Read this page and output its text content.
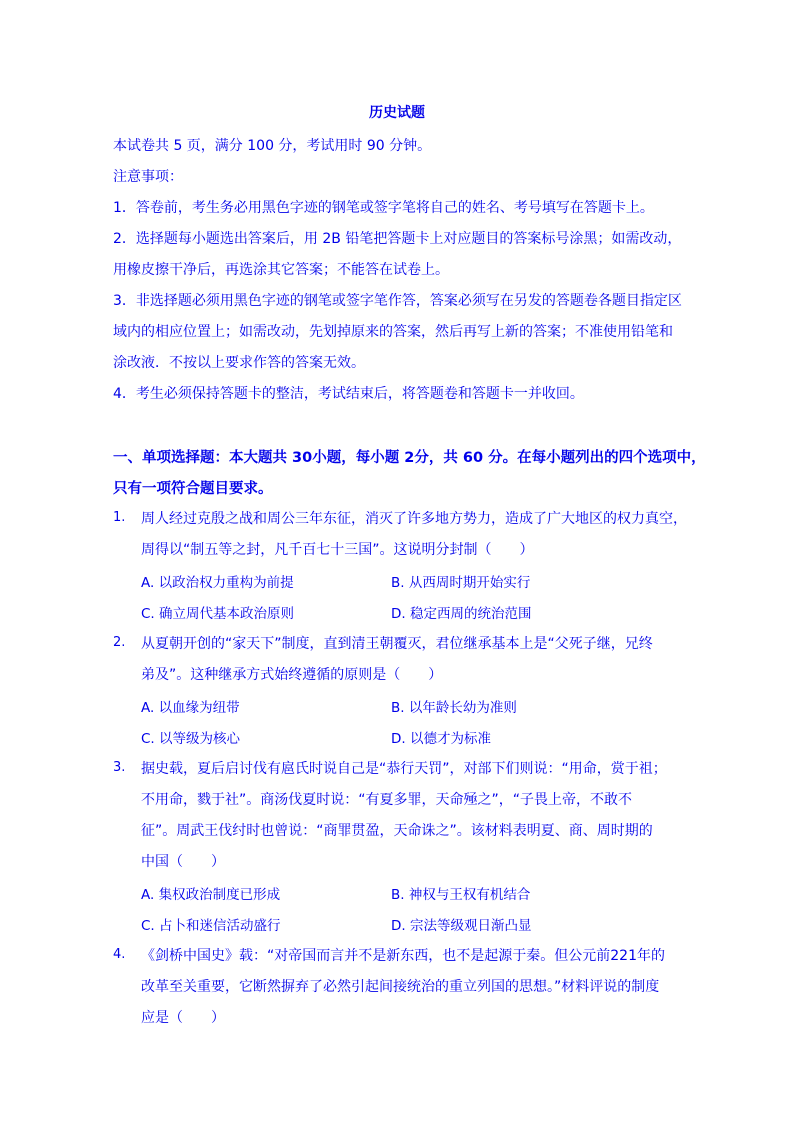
历史试题
本试卷共 5 页，满分 100 分，考试用时 90 分钟。
注意事项：
1．答卷前，考生务必用黑色字迹的钢笔或签字笔将自己的姓名、考号填写在答题卡上。
2．选择题每小题选出答案后，用 2B 铅笔把答题卡上对应题目的答案标号涂黑；如需改动，
用橡皮擦干净后，再选涂其它答案；不能答在试卷上。
3．非选择题必须用黑色字迹的钢笔或签字笔作答，答案必须写在另发的答题卷各题目指定区
域内的相应位置上；如需改动，先划掉原来的答案，然后再写上新的答案；不准使用铅笔和
涂改液．不按以上要求作答的答案无效。
4．考生必须保持答题卡的整洁，考试结束后，将答题卷和答题卡一并收回。
一、单项选择题：本大题共 30小题，每小题 2分，共 60 分。在每小题列出的四个选项中，
只有一项符合题目要求。
1. 周人经过克殷之战和周公三年东征，消灭了许多地方势力，造成了广大地区的权力真空，
周得以“制五等之封，凡千百七十三国”。这说明分封制（　　）
A. 以政治权力重构为前提	B. 从西周时期开始实行
C. 确立周代基本政治原则	D. 稳定西周的统治范围
2. 从夏朝开创的“家天下”制度，直到清王朝覆灭，君位继承基本上是“父死子继，兄终
弟及”。这种继承方式始终遵循的原则是（　　）
A. 以血缘为纽带	B. 以年龄长幼为准则
C. 以等级为核心	D. 以德才为标准
3. 据史载，夏后启讨伐有扈氏时说自己是“恭行天罚”，对部下们则说：“用命，赏于祖；
不用命，戮于社”。商汤伐夏时说：“有夏多罪，天命殛之”，“子畏上帝，不敢不
征”。周武王伐纣时也曾说：“商罪贯盈，天命诛之”。该材料表明夏、商、周时期的
中国（　　）
A. 集权政治制度已形成	B. 神权与王权有机结合
C. 占卜和迷信活动盛行	D. 宗法等级观日渐凸显
4. 《剑桥中国史》载：“对帝国而言并不是新东西，也不是起源于秦。但公元前221年的
改革至关重要，它断然摒弃了必然引起间接统治的重立列国的思想。”材料评说的制度
应是（　　）
